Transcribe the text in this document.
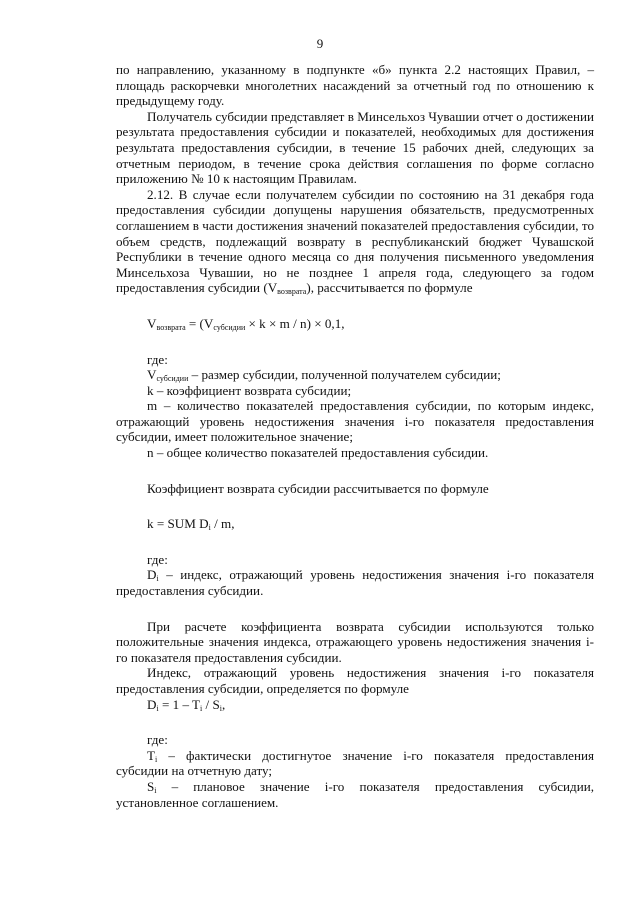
9

по направлению, указанному в подпункте «б» пункта 2.2 настоящих Правил, – площадь раскорчевки многолетних насаждений за отчетный год по отношению к предыдущему году.

Получатель субсидии представляет в Минсельхоз Чувашии отчет о достижении результата предоставления субсидии и показателей, необходимых для достижения результата предоставления субсидии, в течение 15 рабочих дней, следующих за отчетным периодом, в течение срока действия соглашения по форме согласно приложению № 10 к настоящим Правилам.

2.12. В случае если получателем субсидии по состоянию на 31 декабря года предоставления субсидии допущены нарушения обязательств, предусмотренных соглашением в части достижения значений показателей предоставления субсидии, то объем средств, подлежащий возврату в республиканский бюджет Чувашской Республики в течение одного месяца со дня получения письменного уведомления Минсельхоза Чувашии, но не позднее 1 апреля года, следующего за годом предоставления субсидии $(V_{возврата})$, рассчитывается по формуле

$V_{возврата} = (V_{субсидии} \times k \times m / n) \times 0,1$,

где:

$V_{субсидии}$ – размер субсидии, полученной получателем субсидии;

k – коэффициент возврата субсидии;

m – количество показателей предоставления субсидии, по которым индекс, отражающий уровень недостижения значения i-го показателя предоставления субсидии, имеет положительное значение;

n – общее количество показателей предоставления субсидии.

Коэффициент возврата субсидии рассчитывается по формуле

k = SUM $D_i$ / m,

где:

$D_i$ – индекс, отражающий уровень недостижения значения i-го показателя предоставления субсидии.

При расчете коэффициента возврата субсидии используются только положительные значения индекса, отражающего уровень недостижения значения i-го показателя предоставления субсидии.

Индекс, отражающий уровень недостижения значения i-го показателя предоставления субсидии, определяется по формуле

$D_i = 1 - T_i / S_i$,

где:

$T_i$ – фактически достигнутое значение i-го показателя предоставления субсидии на отчетную дату;

$S_i$ – плановое значение i-го показателя предоставления субсидии, установленное соглашением.
